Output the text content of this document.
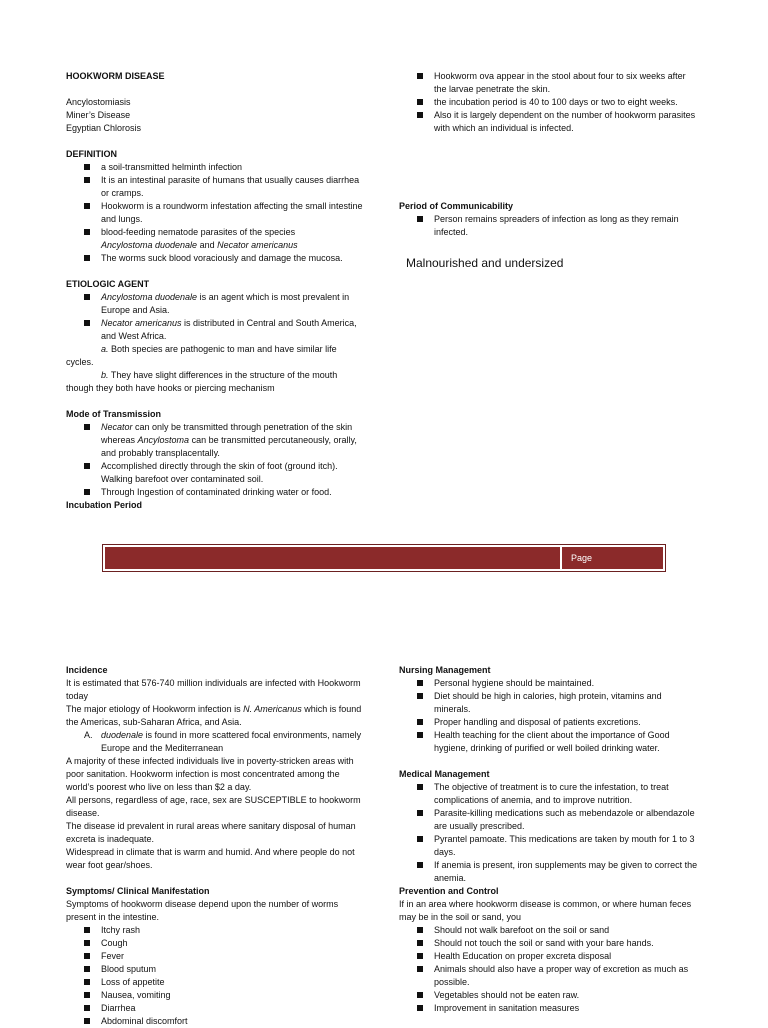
HOOKWORM DISEASE
Ancylostomiasis
Miner’s Disease
Egyptian Chlorosis
DEFINITION
a soil-transmitted helminth infection
It is an intestinal parasite of humans that usually causes diarrhea or cramps.
Hookworm is a roundworm infestation affecting the small intestine and lungs.
blood-feeding nematode parasites of the species
Ancylostoma duodenale and Necator americanus
The worms suck blood voraciously and damage the mucosa.
ETIOLOGIC AGENT
Ancylostoma duodenale is an agent which is most prevalent in Europe and Asia.
Necator americanus is distributed in Central and South America, and West Africa.
a. Both species are pathogenic to man and have similar life cycles.
b. They have slight differences in the structure of the mouth though they both have hooks or piercing mechanism
Mode of Transmission
Necator can only be transmitted through penetration of the skin whereas Ancylostoma can be transmitted percutaneously, orally, and probably transplacentally.
Accomplished directly through the skin of foot (ground itch). Walking barefoot over contaminated soil.
Through Ingestion of contaminated drinking water or food.
Incubation Period
Hookworm ova appear in the stool about four to six weeks after the larvae penetrate the skin.
the incubation period is 40 to 100 days or two to eight weeks.
Also it is largely dependent on the number of hookworm parasites with which an individual is infected.
Period of Communicability
Person remains spreaders of infection as long as they remain infected.
Malnourished and undersized
Page
Incidence
It is estimated that 576-740 million individuals are infected with Hookworm today
The major etiology of Hookworm infection is N. Americanus which is found the Americas, sub-Saharan Africa, and Asia.
A. duodenale is found in more scattered focal environments, namely Europe and the Mediterranean
A majority of these infected individuals live in poverty-stricken areas with poor sanitation. Hookworm infection is most concentrated among the world’s poorest who live on less than $2 a day.
All persons, regardless of age, race, sex are SUSCEPTIBLE to hookworm disease.
The disease id prevalent in rural areas where sanitary disposal of human excreta is inadequate.
Widespread in climate that is warm and humid. And where people do not wear foot gear/shoes.
Symptoms/ Clinical Manifestation
Symptoms of hookworm disease depend upon the number of worms present in the intestine.
Itchy rash
Cough
Fever
Blood sputum
Loss of appetite
Nausea, vomiting
Diarrhea
Abdominal discomfort
Nursing Management
Personal hygiene should be maintained.
Diet should be high in calories, high protein, vitamins and minerals.
Proper handling and disposal of patients excretions.
Health teaching for the client about the importance of Good hygiene, drinking of purified or well boiled drinking water.
Medical Management
The objective of treatment is to cure the infestation, to treat complications of anemia, and to improve nutrition.
Parasite-killing medications such as mebendazole or albendazole are usually prescribed.
Pyrantel pamoate. This medications are taken by mouth for 1 to 3 days.
If anemia is present, iron supplements may be given to correct the anemia.
Prevention and Control
If in an area where hookworm disease is common, or where human feces may be in the soil or sand, you
Should not walk barefoot on the soil or sand
Should not touch the soil or sand with your bare hands.
Health Education on proper excreta disposal
Animals should also have a proper way of excretion as much as possible.
Vegetables should not be eaten raw.
Improvement in sanitation measures
